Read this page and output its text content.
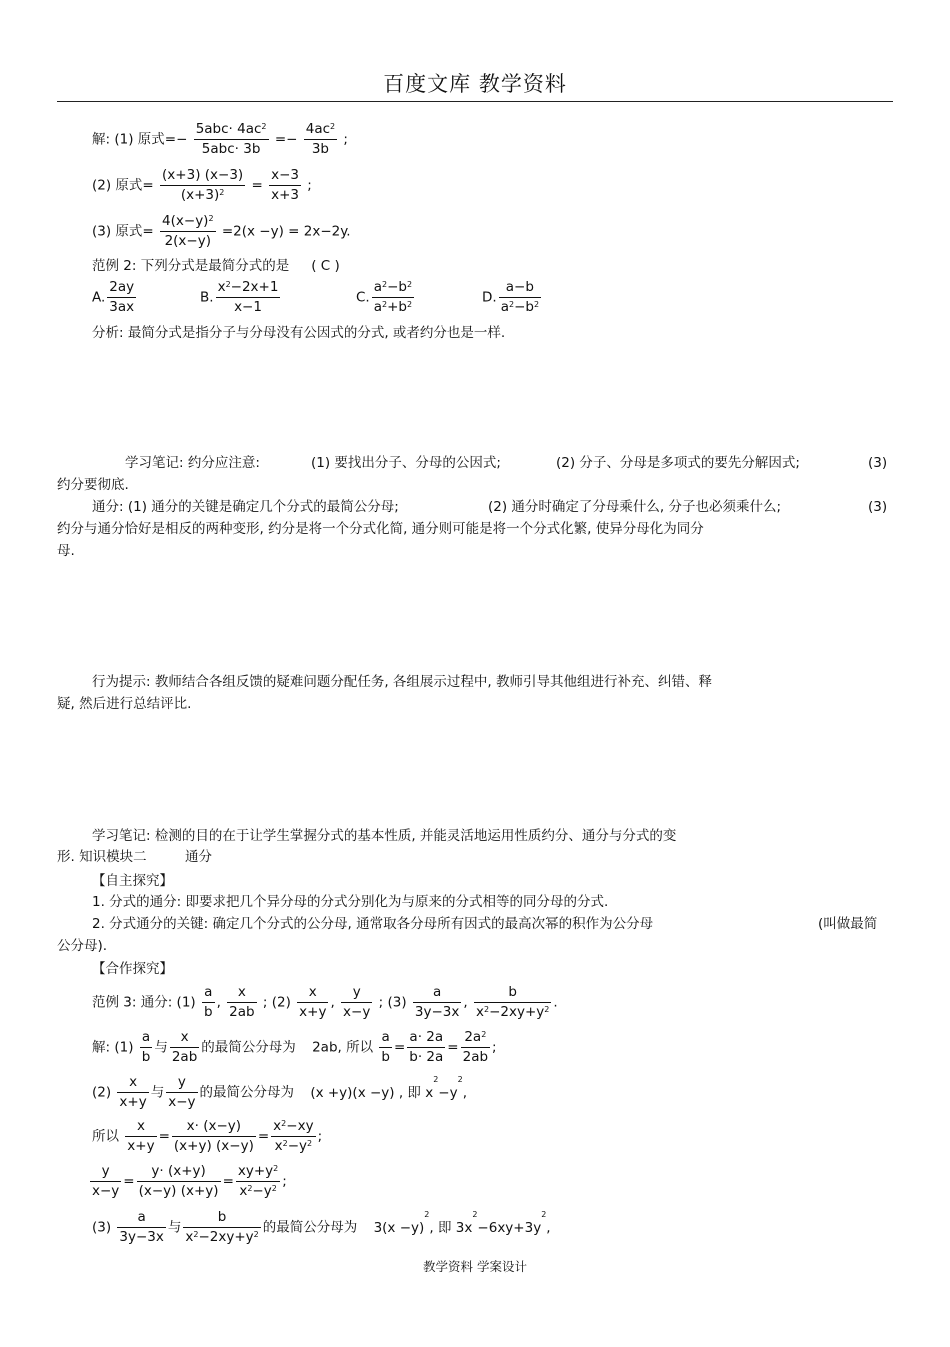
百度文库 教学资料
解: (1) 原式=− $\frac{5abc\cdot 4ac^2}{\text{5abc· 3b}} =- \frac{4ac^2}{3b}$ ;
(2) 原式= $\frac{(x+3) (x-3)}{(x+3)^2} = \frac{x-3}{x+3}$ ;
(3) 原式= $\frac{4(x-y)^2}{2(x-y)} =2(x -y) = 2x-2y$.
范例 2: 下列分式是最简分式的是 ( C )
A. $\frac{2ay}{3ax}$	B. $\frac{x^2-2x+1}{x-1}$	C. $\frac{a^2-b^2}{a^2+b^2}$	D. $\frac{a-b}{a^2-b^2}$
分析: 最简分式是指分子与分母没有公因式的分式, 或者约分也是一样.
学习笔记: 约分应注意:	(1) 要找出分子、分母的公因式;	(2) 分子、分母是多项式的要先分解因式;	(3)
约分要彻底.
通分: (1) 通分的关键是确定几个分式的最简公分母;	(2) 通分时确定了分母乘什么, 分子也必须乘什么;	(3)
约分与通分恰好是相反的两种变形, 约分是将一个分式化简, 通分则可能是将一个分式化繁, 使异分母化为同分
母.
行为提示: 教师结合各组反馈的疑难问题分配任务, 各组展示过程中, 教师引导其他组进行补充、纠错、释
疑, 然后进行总结评比.
学习笔记: 检测的目的在于让学生掌握分式的基本性质, 并能灵活地运用性质约分、通分与分式的变
形. 知识模块二	通分
【自主探究】
1. 分式的通分: 即要求把几个异分母的分式分别化为与原来的分式相等的同分母的分式.
2. 分式通分的关键: 确定几个分式的公分母, 通常取各分母所有因式的最高次幂的积作为公分母	(叫做最简
公分母).
【合作探究】
范例 3: 通分: $(1) \frac{a}{b}$ , $\frac{x}{2ab}$ ; $(2) \frac{x}{x+y}$ , $\frac{y}{x-y}$ ; $(3) \frac{a}{3y-3x}$ , $\frac{b}{x^2-2xy+y^2}$ .
解: $(1) \frac{a}{b}$ 与 $\frac{x}{2ab}$ 的最简公分母为 2ab, 所以 $\frac{a}{b} = \frac{a\cdot 2a}{b\cdot 2a} = \frac{2a^2}{2ab}$ ;
$(2) \frac{x}{x+y}$ 与 $\frac{y}{x-y}$ 的最简公分母为 (x +y)(x −y) , 即 $x^2-y^2$,
所以 $\frac{x}{x+y} = \frac{x\cdot (x-y)}{(x+y) (x-y)} = \frac{x^2-xy}{x^2-y^2}$ ;
$\frac{y}{x-y} = \frac{y\cdot (x+y)}{(x-y) (x+y)} = \frac{xy+y^2}{x^2-y^2}$ ;
$(3) \frac{a}{3y-3x}$ 与 $\frac{b}{x^2-2xy+y^2}$ 的最简公分母为 $3(x -y)^2$, 即 $3x^2-6xy+3y^2$,
教学资料 学案设计
